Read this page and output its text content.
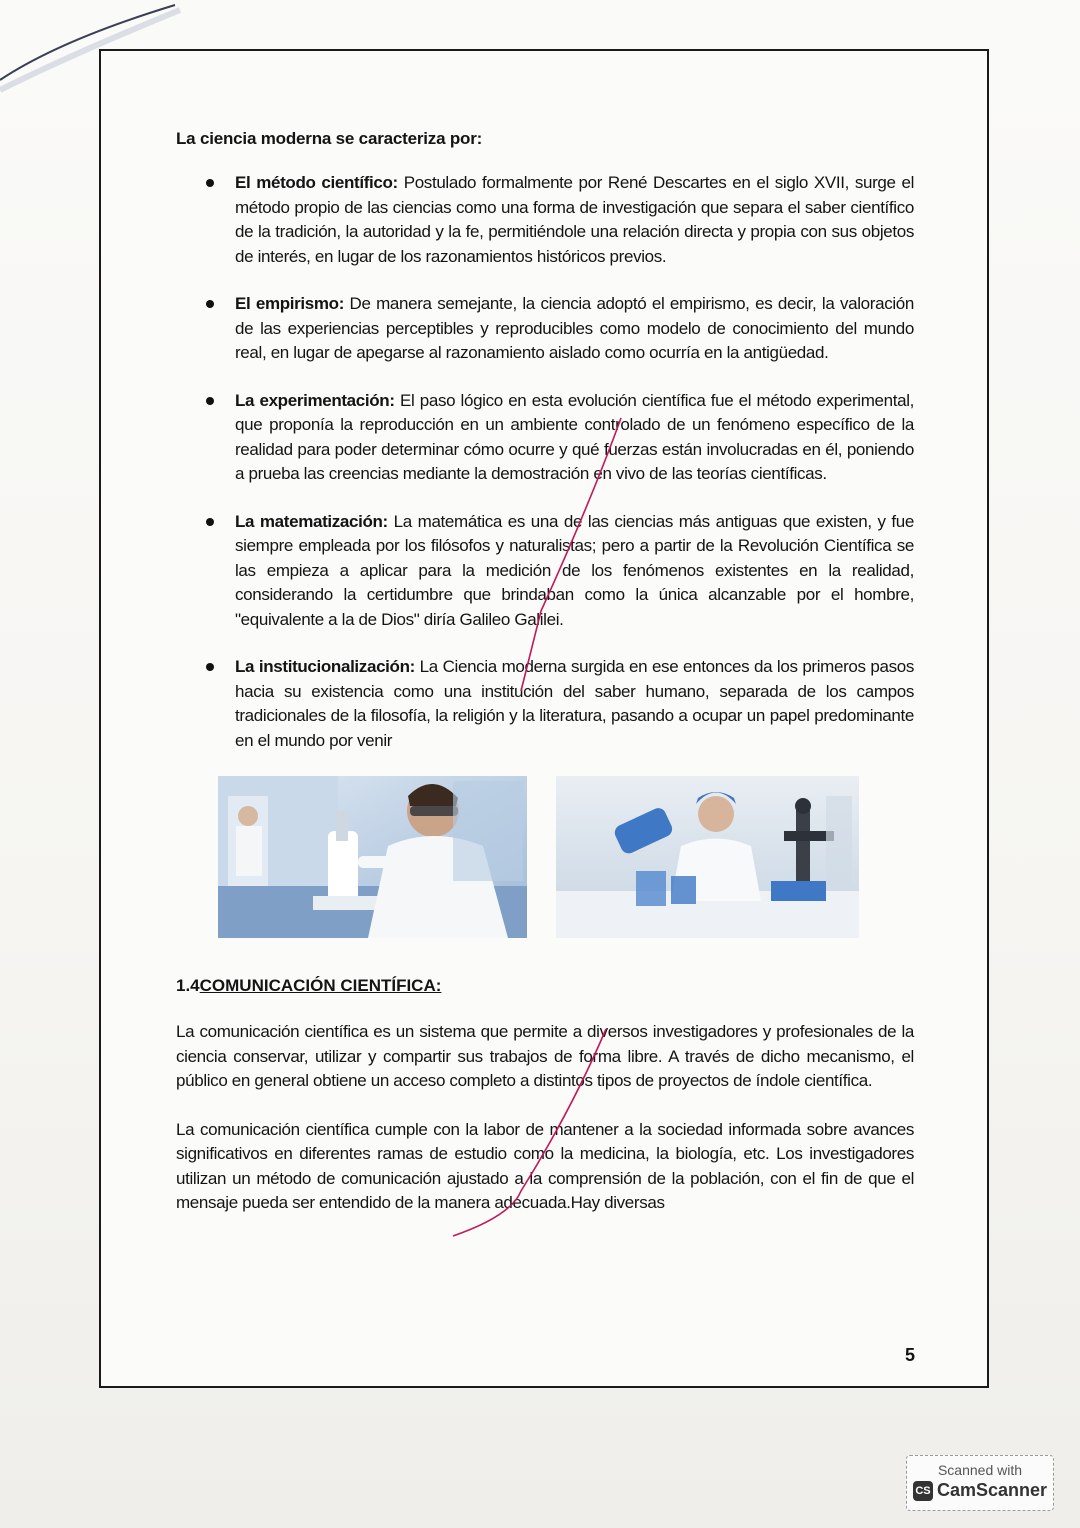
La ciencia moderna se caracteriza por:

El método científico: Postulado formalmente por René Descartes en el siglo XVII, surge el método propio de las ciencias como una forma de investigación que separa el saber científico de la tradición, la autoridad y la fe, permitiéndole una relación directa y propia con sus objetos de interés, en lugar de los razonamientos históricos previos.
El empirismo: De manera semejante, la ciencia adoptó el empirismo, es decir, la valoración de las experiencias perceptibles y reproducibles como modelo de conocimiento del mundo real, en lugar de apegarse al razonamiento aislado como ocurría en la antigüedad.
La experimentación: El paso lógico en esta evolución científica fue el método experimental, que proponía la reproducción en un ambiente controlado de un fenómeno específico de la realidad para poder determinar cómo ocurre y qué fuerzas están involucradas en él, poniendo a prueba las creencias mediante la demostración en vivo de las teorías científicas.
La matematización: La matemática es una de las ciencias más antiguas que existen, y fue siempre empleada por los filósofos y naturalistas; pero a partir de la Revolución Científica se las empieza a aplicar para la medición de los fenómenos existentes en la realidad, considerando la certidumbre que brindaban como la única alcanzable por el hombre, "equivalente a la de Dios" diría Galileo Galilei.
La institucionalización: La Ciencia moderna surgida en ese entonces da los primeros pasos hacia su existencia como una institución del saber humano, separada de los campos tradicionales de la filosofía, la religión y la literatura, pasando a ocupar un papel predominante en el mundo por venir

1.4COMUNICACIÓN CIENTÍFICA:

La comunicación científica es un sistema que permite a diversos investigadores y profesionales de la ciencia conservar, utilizar y compartir sus trabajos de forma libre. A través de dicho mecanismo, el público en general obtiene un acceso completo a distintos tipos de proyectos de índole científica.

La comunicación científica cumple con la labor de mantener a la sociedad informada sobre avances significativos en diferentes ramas de estudio como la medicina, la biología, etc. Los investigadores utilizan un método de comunicación ajustado a la comprensión de la población, con el fin de que el mensaje pueda ser entendido de la manera adecuada.Hay diversas

5
Scanned with
CS CamScanner
